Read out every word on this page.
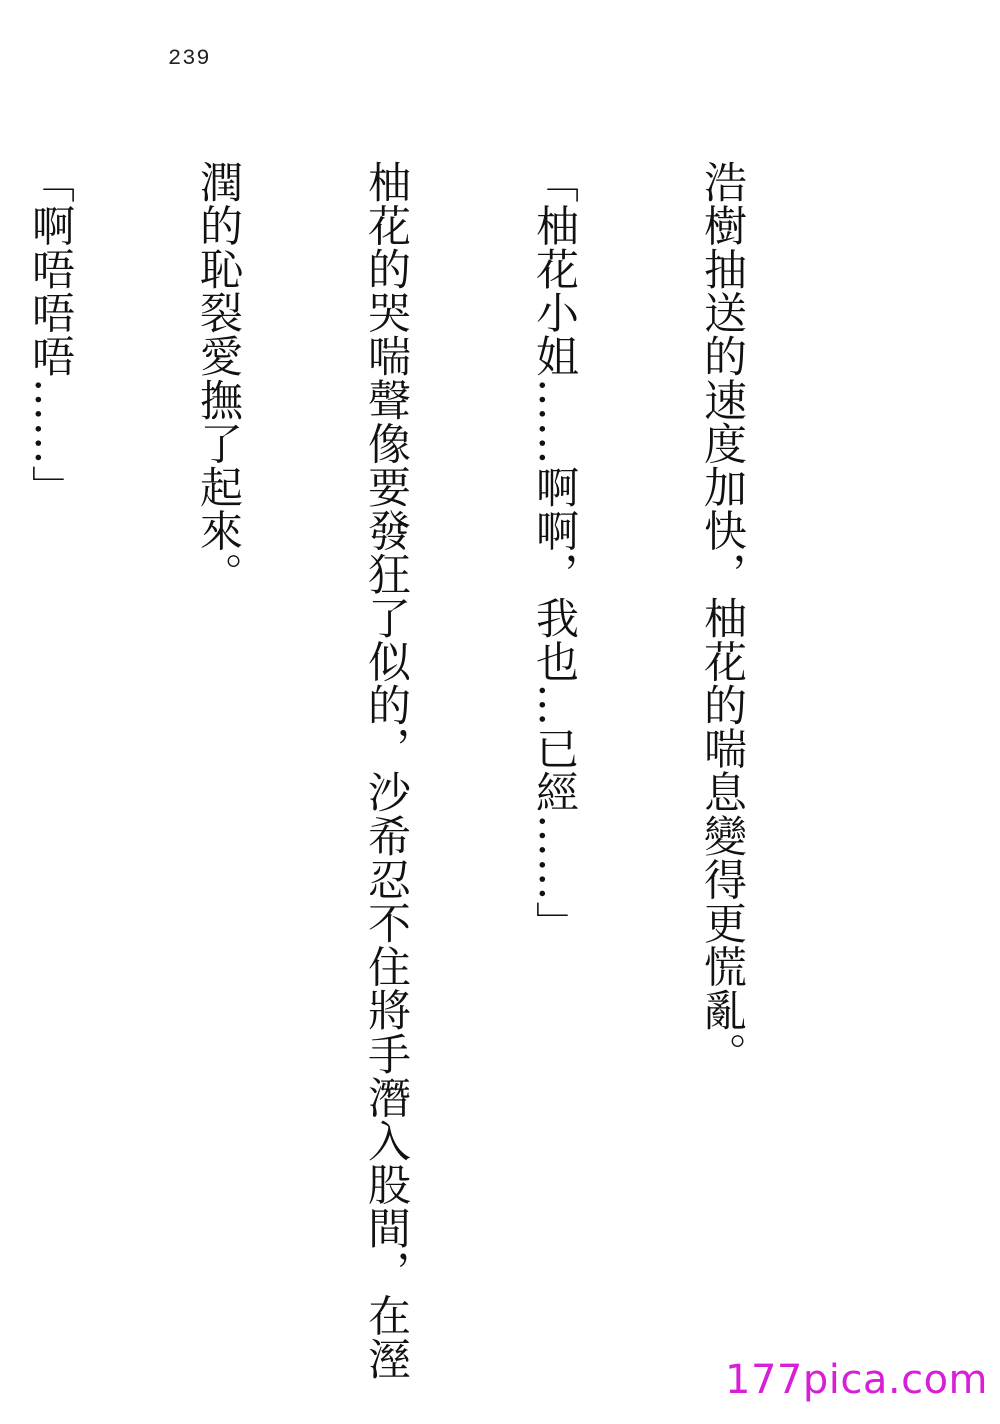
239

浩樹抽送的速度加快，柚花的喘息變得更慌亂。

「柚花小姐……啊啊，我也…已經……」

柚花的哭喘聲像要發狂了似的，沙希忍不住將手潛入股間，在溼

潤的恥裂愛撫了起來。

「啊唔唔唔……」

177pica.com
